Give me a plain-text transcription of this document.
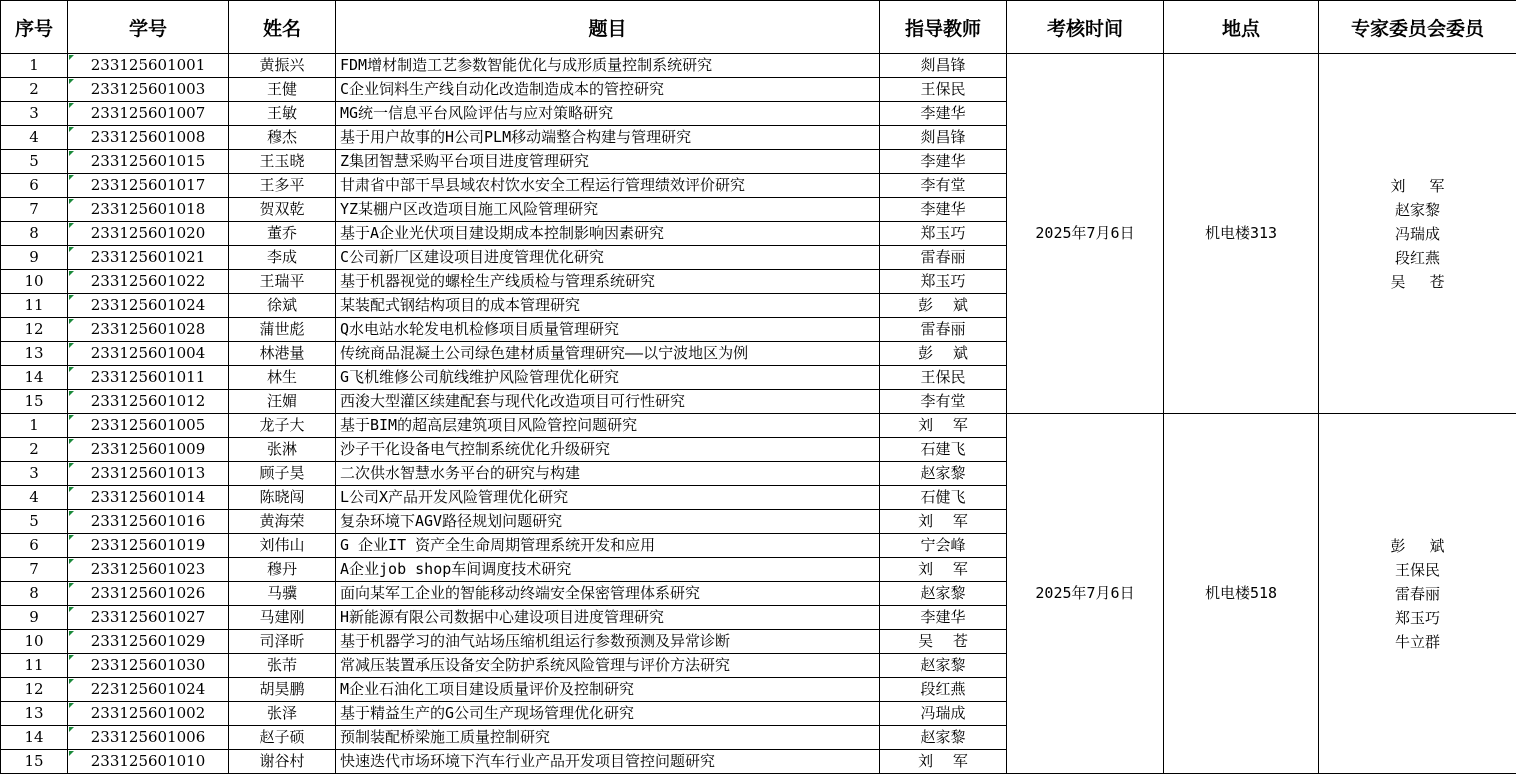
序号	学号	姓名	题目	指导教师	考核时间	地点	专家委员会委员
1	233125601001	黄振兴	FDM增材制造工艺参数智能优化与成形质量控制系统研究	剡昌锋	2025年7月6日	机电楼313	刘　 军
赵家黎
冯瑞成
段红燕
吴　 苍

2	233125601003	王健	C企业饲料生产线自动化改造制造成本的管控研究	王保民			
3	233125601007	王敏	MG统一信息平台风险评估与应对策略研究	李建华			
4	233125601008	穆杰	基于用户故事的H公司PLM移动端整合构建与管理研究	剡昌锋			
5	233125601015	王玉晓	Z集团智慧采购平台项目进度管理研究	李建华			
6	233125601017	王多平	甘肃省中部干旱县域农村饮水安全工程运行管理绩效评价研究	李有堂			
7	233125601018	贺双乾	YZ某棚户区改造项目施工风险管理研究	李建华			
8	233125601020	董乔	基于A企业光伏项目建设期成本控制影响因素研究	郑玉巧			
9	233125601021	李成	C公司新厂区建设项目进度管理优化研究	雷春丽			
10	233125601022	王瑞平	基于机器视觉的螺栓生产线质检与管理系统研究	郑玉巧			
11	233125601024	徐斌	某装配式钢结构项目的成本管理研究	彭　 斌			
12	233125601028	蒲世彪	Q水电站水轮发电机检修项目质量管理研究	雷春丽			
13	233125601004	林港量	传统商品混凝土公司绿色建材质量管理研究——以宁波地区为例	彭　 斌			
14	233125601011	林生	G飞机维修公司航线维护风险管理优化研究	王保民			
15	233125601012	汪媚	西浚大型灌区续建配套与现代化改造项目可行性研究	李有堂			
1	233125601005	龙子大	基于BIM的超高层建筑项目风险管控问题研究	刘　 军	2025年7月6日	机电楼518	彭　 斌
王保民
雷春丽
郑玉巧
牛立群

2	233125601009	张淋	沙子干化设备电气控制系统优化升级研究	石建飞			
3	233125601013	顾子昊	二次供水智慧水务平台的研究与构建	赵家黎			
4	233125601014	陈晓闯	L公司X产品开发风险管理优化研究	石健飞			
5	233125601016	黄海荣	复杂环境下AGV路径规划问题研究	刘　 军			
6	233125601019	刘伟山	G 企业IT 资产全生命周期管理系统开发和应用	宁会峰			
7	233125601023	穆丹	A企业job shop车间调度技术研究	刘　 军			
8	233125601026	马骥	面向某军工企业的智能移动终端安全保密管理体系研究	赵家黎			
9	233125601027	马建刚	H新能源有限公司数据中心建设项目进度管理研究	李建华			
10	233125601029	司泽昕	基于机器学习的油气站场压缩机组运行参数预测及异常诊断	吴　 苍			
11	233125601030	张芾	常减压装置承压设备安全防护系统风险管理与评价方法研究	赵家黎			
12	223125601024	胡昊鹏	M企业石油化工项目建设质量评价及控制研究	段红燕			
13	233125601002	张泽	基于精益生产的G公司生产现场管理优化研究	冯瑞成			
14	233125601006	赵子硕	预制装配桥梁施工质量控制研究	赵家黎			
15	233125601010	谢谷村	快速迭代市场环境下汽车行业产品开发项目管控问题研究	刘　 军			
